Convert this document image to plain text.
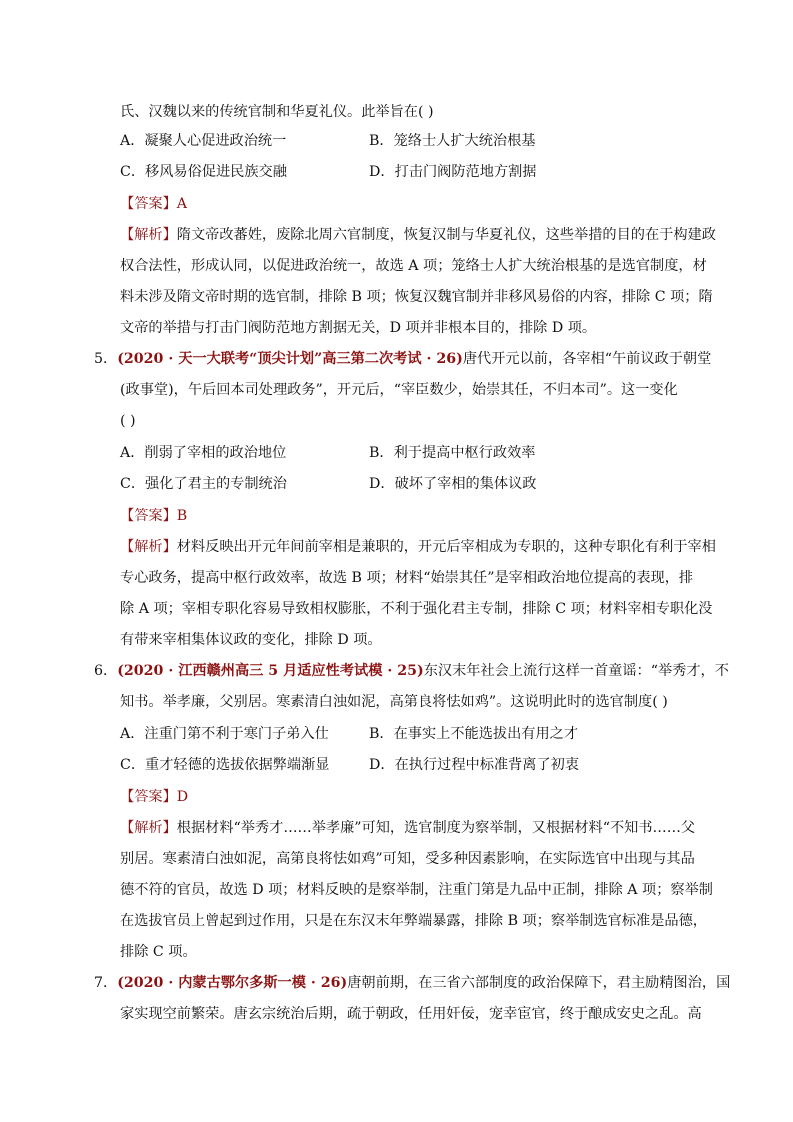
氏、汉魏以来的传统官制和华夏礼仪。此举旨在( )
A．凝聚人心促进政治统一	B．笼络士人扩大统治根基
C．移风易俗促进民族交融	D．打击门阀防范地方割据
【答案】A
【解析】隋文帝改蕃姓，废除北周六官制度，恢复汉制与华夏礼仪，这些举措的目的在于构建政
权合法性，形成认同，以促进政治统一，故选 A 项；笼络士人扩大统治根基的是选官制度，材
料未涉及隋文帝时期的选官制，排除 B 项；恢复汉魏官制并非移风易俗的内容，排除 C 项；隋
文帝的举措与打击门阀防范地方割据无关，D 项并非根本目的，排除 D 项。
5．(2020 · 天一大联考“顶尖计划”高三第二次考试 · 26)唐代开元以前，各宰相“午前议政于朝堂
(政事堂)，午后回本司处理政务”，开元后，“宰臣数少，始崇其任，不归本司”。这一变化
( )
A．削弱了宰相的政治地位	B．利于提高中枢行政效率
C．强化了君主的专制统治	D．破坏了宰相的集体议政
【答案】B
【解析】材料反映出开元年间前宰相是兼职的，开元后宰相成为专职的，这种专职化有利于宰相
专心政务，提高中枢行政效率，故选 B 项；材料“始崇其任”是宰相政治地位提高的表现，排
除 A 项；宰相专职化容易导致相权膨胀，不利于强化君主专制，排除 C 项；材料宰相专职化没
有带来宰相集体议政的变化，排除 D 项。
6．(2020 · 江西赣州高三 5 月适应性考试模 · 25)东汉末年社会上流行这样一首童谣：“举秀才，不
知书。举孝廉，父别居。寒素清白浊如泥，高第良将怯如鸡”。这说明此时的选官制度( )
A．注重门第不利于寒门子弟入仕	B．在事实上不能选拔出有用之才
C．重才轻德的选拔依据弊端渐显	D．在执行过程中标准背离了初衷
【答案】D
【解析】根据材料“举秀才……举孝廉”可知，选官制度为察举制，又根据材料“不知书……父
别居。寒素清白浊如泥，高第良将怯如鸡”可知，受多种因素影响，在实际选官中出现与其品
德不符的官员，故选 D 项；材料反映的是察举制，注重门第是九品中正制，排除 A 项；察举制
在选拔官员上曾起到过作用，只是在东汉末年弊端暴露，排除 B 项；察举制选官标准是品德，
排除 C 项。
7．(2020 · 内蒙古鄂尔多斯一模 · 26)唐朝前期，在三省六部制度的政治保障下，君主励精图治，国
家实现空前繁荣。唐玄宗统治后期，疏于朝政，任用奸佞，宠幸宦官，终于酿成安史之乱。高
